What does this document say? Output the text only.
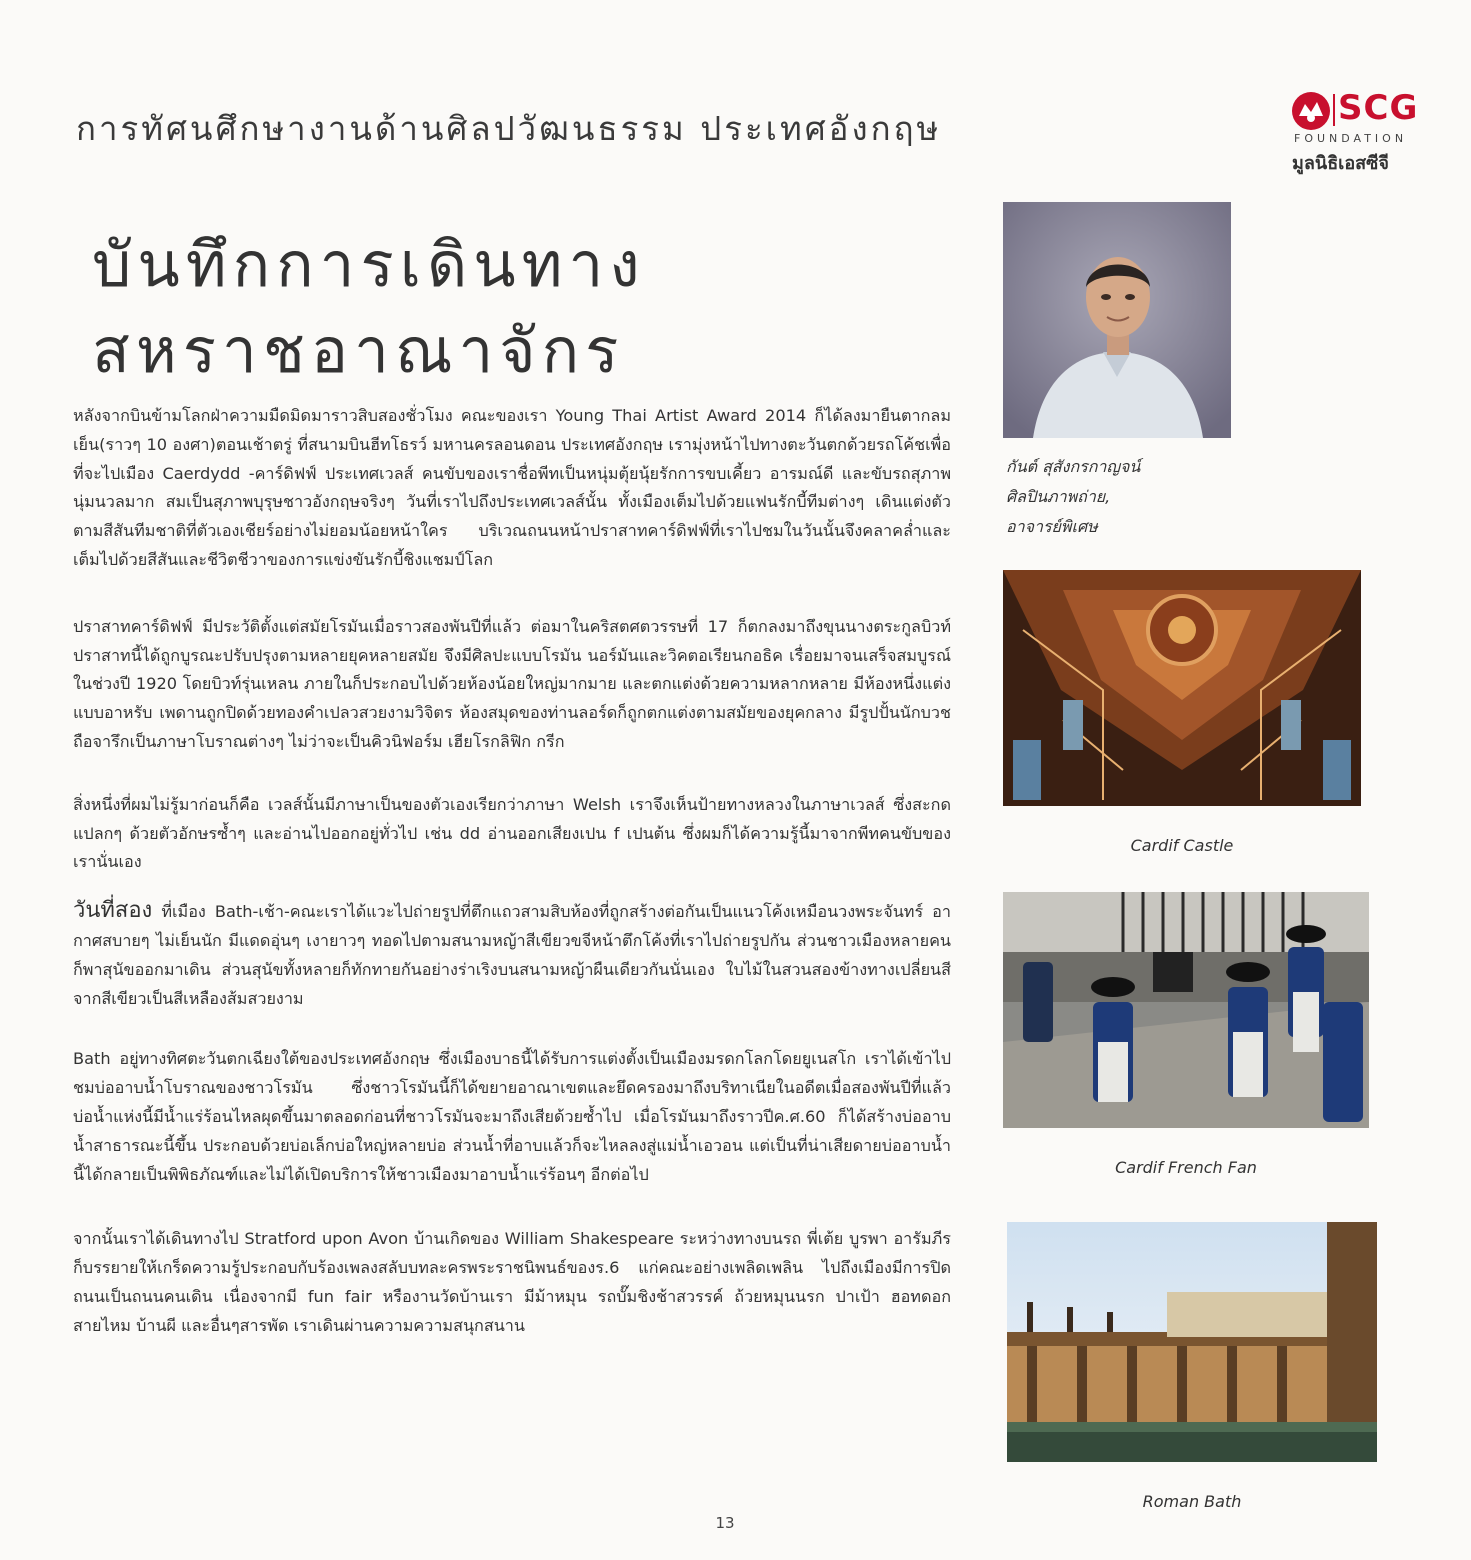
การทัศนศึกษางานด้านศิลปวัฒนธรรม ประเทศอังกฤษ
SCG
FOUNDATION
มูลนิธิเอสซีจี
บันทึกการเดินทาง
สหราชอาณาจักร

หลังจากบินข้ามโลกฝ่าความมืดมิดมาราวสิบสองชั่วโมง คณะของเรา Young Thai Artist Award 2014 ก็ได้ลงมายืนตากลมเย็น(ราวๆ 10 องศา)ตอนเช้าตรู่ ที่สนามบินฮีทโธรว์ มหานครลอนดอน ประเทศอังกฤษ เรามุ่งหน้าไปทางตะวันตกด้วยรถโค้ชเพื่อที่จะไปเมือง Caerdydd -คาร์ดิฟฟ์ ประเทศเวลส์ คนขับของเราชื่อพีทเป็นหนุ่มตุ้ยนุ้ยรักการขบเคี้ยว อารมณ์ดี และขับรถสุภาพนุ่มนวลมาก สมเป็นสุภาพบุรุษชาวอังกฤษจริงๆ วันที่เราไปถึงประเทศเวลส์นั้น ทั้งเมืองเต็มไปด้วยแฟนรักบี้ทีมต่างๆ เดินแต่งตัวตามสีสันทีมชาติที่ตัวเองเชียร์อย่างไม่ยอมน้อยหน้าใคร บริเวณถนนหน้าปราสาทคาร์ดิฟฟ์ที่เราไปชมในวันนั้นจึงคลาคล่ำและเต็มไปด้วยสีสันและชีวิตชีวาของการแข่งขันรักบี้ชิงแชมป์โลก

ปราสาทคาร์ดิฟฟ์ มีประวัติตั้งแต่สมัยโรมันเมื่อราวสองพันปีที่แล้ว ต่อมาในคริสตศตวรรษที่ 17 ก็ตกลงมาถึงขุนนางตระกูลบิวท์ ปราสาทนี้ได้ถูกบูรณะปรับปรุงตามหลายยุคหลายสมัย จึงมีศิลปะแบบโรมัน นอร์มันและวิคตอเรียนกอธิค เรื่อยมาจนเสร็จสมบูรณ์ในช่วงปี 1920 โดยบิวท์รุ่นเหลน ภายในก็ประกอบไปด้วยห้องน้อยใหญ่มากมาย และตกแต่งด้วยความหลากหลาย มีห้องหนึ่งแต่งแบบอาหรับ เพดานถูกปิดด้วยทองคำเปลวสวยงามวิจิตร ห้องสมุดของท่านลอร์ดก็ถูกตกแต่งตามสมัยของยุคกลาง มีรูปปั้นนักบวชถือจารึกเป็นภาษาโบราณต่างๆ ไม่ว่าจะเป็นคิวนิฟอร์ม เฮียโรกลิฟิก กรีก

สิ่งหนึ่งที่ผมไม่รู้มาก่อนก็คือ เวลส์นั้นมีภาษาเป็นของตัวเองเรียกว่าภาษา Welsh เราจึงเห็นป้ายทางหลวงในภาษาเวลส์ ซึ่งสะกดแปลกๆ ด้วยตัวอักษรซ้ำๆ และอ่านไปออกอยู่ทั่วไป เช่น dd อ่านออกเสียงเปน f เปนต้น ซึ่งผมก็ได้ความรู้นี้มาจากพีทคนขับของเรานั่นเอง

วันที่สอง ที่เมือง Bath-เช้า-คณะเราได้แวะไปถ่ายรูปที่ตึกแถวสามสิบห้องที่ถูกสร้างต่อกันเป็นแนวโค้งเหมือนวงพระจันทร์ อากาศสบายๆ ไม่เย็นนัก มีแดดอุ่นๆ เงายาวๆ ทอดไปตามสนามหญ้าสีเขียวขจีหน้าตึกโค้งที่เราไปถ่ายรูปกัน ส่วนชาวเมืองหลายคนก็พาสุนัขออกมาเดิน ส่วนสุนัขทั้งหลายก็ทักทายกันอย่างร่าเริงบนสนามหญ้าผืนเดียวกันนั่นเอง ใบไม้ในสวนสองข้างทางเปลี่ยนสีจากสีเขียวเป็นสีเหลืองส้มสวยงาม

Bath อยู่ทางทิศตะวันตกเฉียงใต้ของประเทศอังกฤษ ซึ่งเมืองบาธนี้ได้รับการแต่งตั้งเป็นเมืองมรดกโลกโดยยูเนสโก เราได้เข้าไปชมบ่ออาบน้ำโบราณของชาวโรมัน ซึ่งชาวโรมันนี้ก็ได้ขยายอาณาเขตและยึดครองมาถึงบริทาเนียในอดีตเมื่อสองพันปีที่แล้ว บ่อน้ำแห่งนี้มีน้ำแร่ร้อนไหลผุดขึ้นมาตลอดก่อนที่ชาวโรมันจะมาถึงเสียด้วยซ้ำไป เมื่อโรมันมาถึงราวปีค.ศ.60 ก็ได้สร้างบ่ออาบน้ำสาธารณะนี้ขึ้น ประกอบด้วยบ่อเล็กบ่อใหญ่หลายบ่อ ส่วนน้ำที่อาบแล้วก็จะไหลลงสู่แม่น้ำเอวอน แต่เป็นที่น่าเสียดายบ่ออาบน้ำนี้ได้กลายเป็นพิพิธภัณฑ์และไม่ได้เปิดบริการให้ชาวเมืองมาอาบน้ำแร่ร้อนๆ อีกต่อไป

จากนั้นเราได้เดินทางไป Stratford upon Avon บ้านเกิดของ William Shakespeare ระหว่างทางบนรถ พี่เต้ย บูรพา อารัมภีร ก็บรรยายให้เกร็ดความรู้ประกอบกับร้องเพลงสลับบทละครพระราชนิพนธ์ของร.6 แก่คณะอย่างเพลิดเพลิน ไปถึงเมืองมีการปิดถนนเป็นถนนคนเดิน เนื่องจากมี fun fair หรืองานวัดบ้านเรา มีม้าหมุน รถบั๊มชิงช้าสวรรค์ ถ้วยหมุนนรก ปาเป้า ฮอทดอก สายไหม บ้านผี และอื่นๆสารพัด เราเดินผ่านความความสนุกสนาน

กันต์ สุสังกรกาญจน์
ศิลปินภาพถ่าย,
อาจารย์พิเศษ
Cardif Castle
Cardif French Fan
Roman Bath
13
